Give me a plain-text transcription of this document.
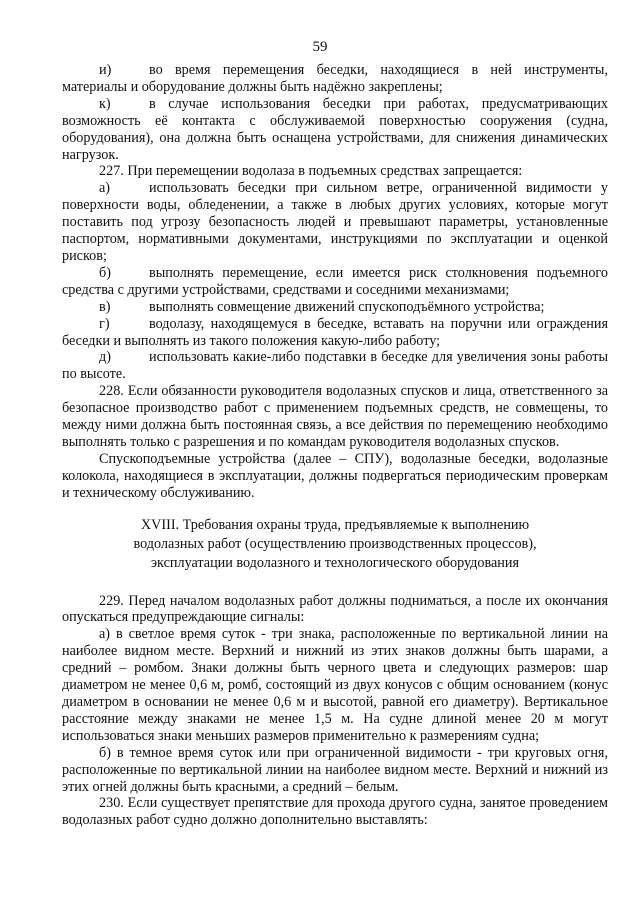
59

и)	во время перемещения беседки, находящиеся в ней инструменты, материалы и оборудование должны быть надёжно закреплены;

к)	в случае использования беседки при работах, предусматривающих возможность её контакта с обслуживаемой поверхностью сооружения (судна, оборудования), она должна быть оснащена устройствами, для снижения динамических нагрузок.

227. При перемещении водолаза в подъемных средствах запрещается:

а)	использовать беседки при сильном ветре, ограниченной видимости у поверхности воды, обледенении, а также в любых других условиях, которые могут поставить под угрозу безопасность людей и превышают параметры, установленные паспортом, нормативными документами, инструкциями по эксплуатации и оценкой рисков;

б)	выполнять перемещение, если имеется риск столкновения подъемного средства с другими устройствами, средствами и соседними механизмами;

в)	выполнять совмещение движений спускоподъёмного устройства;

г)	водолазу, находящемуся в беседке, вставать на поручни или ограждения беседки и выполнять из такого положения какую-либо работу;

д)	использовать какие-либо подставки в беседке для увеличения зоны работы по высоте.

228. Если обязанности руководителя водолазных спусков и лица, ответственного за безопасное производство работ с применением подъемных средств, не совмещены, то между ними должна быть постоянная связь, а все действия по перемещению необходимо выполнять только с разрешения и по командам руководителя водолазных спусков.

Спускоподъемные устройства (далее – СПУ), водолазные беседки, водолазные колокола, находящиеся в эксплуатации, должны подвергаться периодическим проверкам и техническому обслуживанию.

XVIII. Требования охраны труда, предъявляемые к выполнению
водолазных работ (осуществлению производственных процессов),
эксплуатации водолазного и технологического оборудования

229. Перед началом водолазных работ должны подниматься, а после их окончания опускаться предупреждающие сигналы:

а) в светлое время суток - три знака, расположенные по вертикальной линии на наиболее видном месте. Верхний и нижний из этих знаков должны быть шарами, а средний – ромбом. Знаки должны быть черного цвета и следующих размеров: шар диаметром не менее 0,6 м, ромб, состоящий из двух конусов с общим основанием (конус диаметром в основании не менее 0,6 м и высотой, равной его диаметру). Вертикальное расстояние между знаками не менее 1,5 м. На судне длиной менее 20 м могут использоваться знаки меньших размеров применительно к размерениям судна;

б) в темное время суток или при ограниченной видимости - три круговых огня, расположенные по вертикальной линии на наиболее видном месте. Верхний и нижний из этих огней должны быть красными, а средний – белым.

230. Если существует препятствие для прохода другого судна, занятое проведением водолазных работ судно должно дополнительно выставлять:
